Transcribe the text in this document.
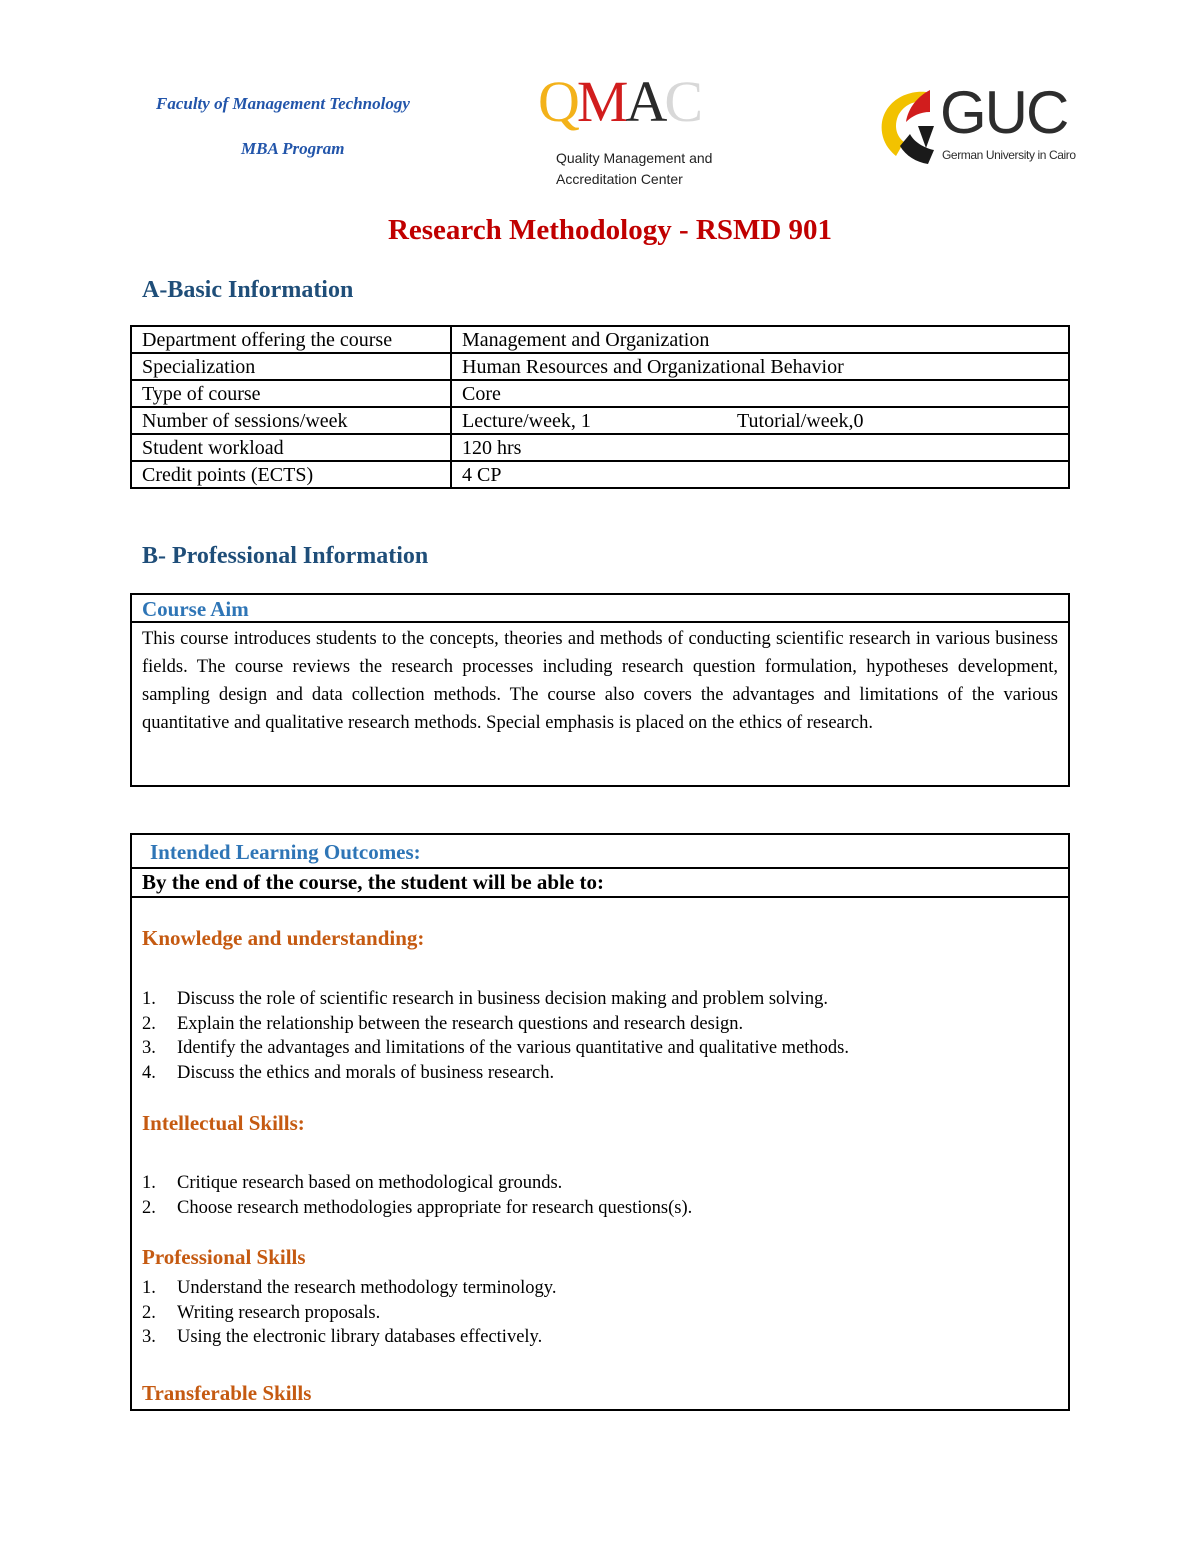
Faculty of Management Technology
MBA Program
QMAC
Quality Management and
Accreditation Center
GUC
German University in Cairo
Research Methodology - RSMD 901
A-Basic Information
Department offering the course	Management and Organization
Specialization	Human Resources and Organizational Behavior
Type of course	Core
Number of sessions/week	Lecture/week, 1 Tutorial/week,0

Student workload	120 hrs
Credit points (ECTS)	4 CP
B- Professional Information
Course Aim
This course introduces students to the concepts, theories and methods of conducting scientific research in various business fields. The course reviews the research processes including research question formulation, hypotheses development, sampling design and data collection methods. The course also covers the advantages and limitations of the various quantitative and qualitative research methods. Special emphasis is placed on the ethics of research.
Intended Learning Outcomes:
By the end of the course, the student will be able to:
Knowledge and understanding:
1. Discuss the role of scientific research in business decision making and problem solving.
2. Explain the relationship between the research questions and research design.
3. Identify the advantages and limitations of the various quantitative and qualitative methods.
4. Discuss the ethics and morals of business research.
Intellectual Skills:
1. Critique research based on methodological grounds.
2. Choose research methodologies appropriate for research questions(s).
Professional Skills
1. Understand the research methodology terminology.
2. Writing research proposals.
3. Using the electronic library databases effectively.
Transferable Skills
